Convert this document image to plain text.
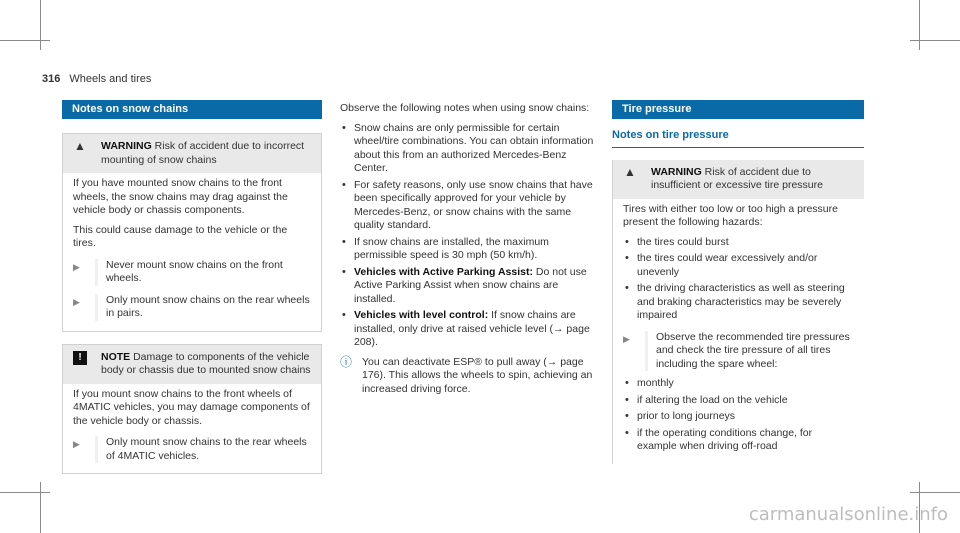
316 Wheels and tires
Notes on snow chains
▲	WARNING Risk of accident due to incorrect mounting of snow chains

If you have mounted snow chains to the front wheels, the snow chains may drag against the vehicle body or chassis components.

This could cause damage to the vehicle or the tires.

▶	Never mount snow chains on the front wheels.
▶	Only mount snow chains on the rear wheels in pairs.
!	NOTE Damage to components of the vehicle body or chassis due to mounted snow chains

If you mount snow chains to the front wheels of 4MATIC vehicles, you may damage components of the vehicle body or chassis.

▶	Only mount snow chains to the rear wheels of 4MATIC vehicles.

Observe the following notes when using snow chains:

• Snow chains are only permissible for certain wheel/tire combinations. You can obtain information about this from an authorized Mercedes-Benz Center.
• For safety reasons, only use snow chains that have been specifically approved for your vehicle by Mercedes-Benz, or snow chains with the same quality standard.
• If snow chains are installed, the maximum permissible speed is 30 mph (50 km/h).
• Vehicles with Active Parking Assist: Do not use Active Parking Assist when snow chains are installed.
• Vehicles with level control: If snow chains are installed, only drive at raised vehicle level (→ page 208).
ⓘ You can deactivate ESP® to pull away (→ page 176). This allows the wheels to spin, achieving an increased driving force.
Tire pressure
Notes on tire pressure
▲	WARNING Risk of accident due to insufficient or excessive tire pressure

Tires with either too low or too high a pressure present the following hazards:

• the tires could burst
• the tires could wear excessively and/or unevenly
• the driving characteristics as well as steering and braking characteristics may be severely impaired
▶	Observe the recommended tire pressures and check the tire pressure of all tires including the spare wheel:
• monthly
• if altering the load on the vehicle
• prior to long journeys
• if the operating conditions change, for example when driving off-road
carmanualsonline.info
